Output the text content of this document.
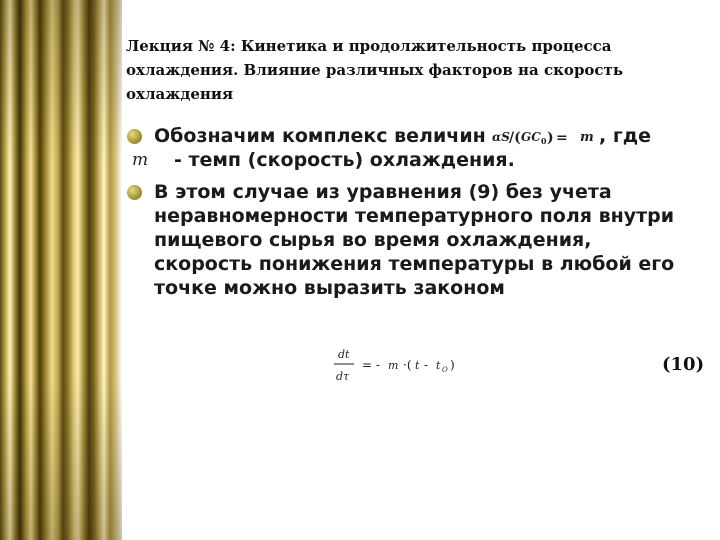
Лекция № 4: Кинетика и продолжительность процесса охлаждения. Влияние различных факторов на скорость охлаждения
Обозначим комплекс величин αS /( GC 0 ) = m , где
- темп (скорость) охлаждения.
В этом случае из уравнения (9) без учета неравномерности температурного поля внутри пищевого сырья во время охлаждения, скорость понижения температуры в любой его точке можно выразить законом
m
dt
dτ
= - m ·( t - t O )	(10)
